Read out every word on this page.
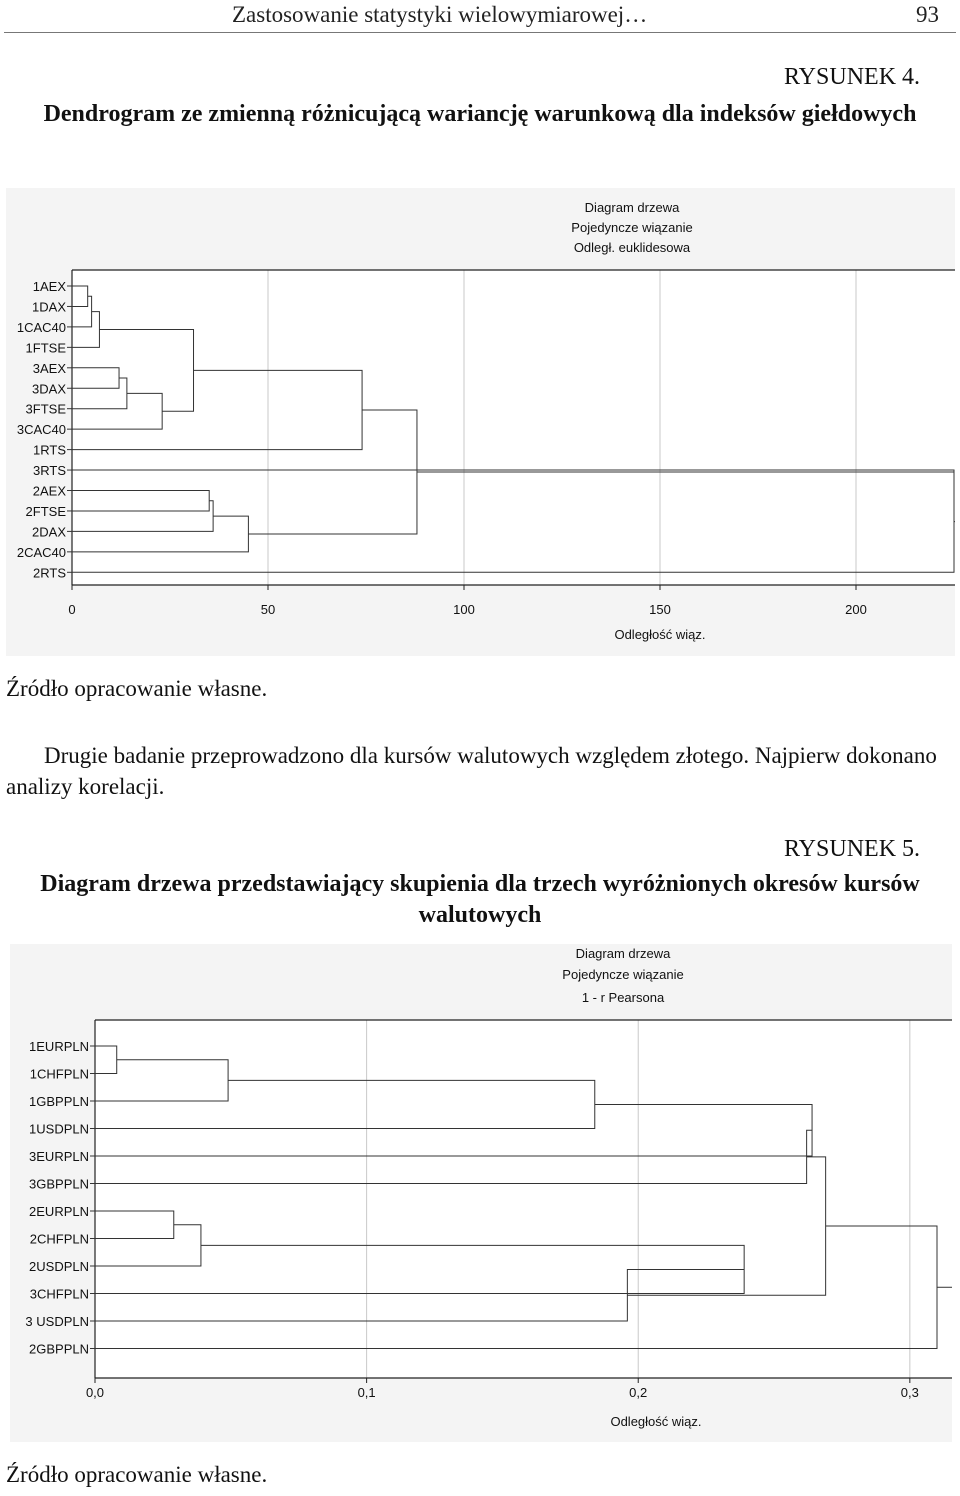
Zastosowanie statystyki wielowymiarowej…	93
RYSUNEK 4.
Dendrogram ze zmienną różnicującą wariancję warunkową dla indeksów giełdowych
Diagram drzewa
Pojedyncze wiązanie
Odległ. euklidesowa
Odległość wiąz.
1AEX
1DAX
1CAC40
1FTSE
3AEX
3DAX
3FTSE
3CAC40
1RTS
3RTS
2AEX
2FTSE
2DAX
2CAC40
2RTS
0	50	100	150	200
Źródło opracowanie własne.
Drugie badanie przeprowadzono dla kursów walutowych względem złotego. Najpierw dokonano analizy korelacji.
RYSUNEK 5.
Diagram drzewa przedstawiający skupienia dla trzech wyróżnionych okresów kursów walutowych
Diagram drzewa
Pojedyncze wiązanie
1 - r Pearsona
Odległość wiąz.
1EURPLN
1CHFPLN
1GBPPLN
1USDPLN
3EURPLN
3GBPPLN
2EURPLN
2CHFPLN
2USDPLN
3CHFPLN
3 USDPLN
2GBPPLN
0,0	0,1	0,2	0,3
Źródło opracowanie własne.
